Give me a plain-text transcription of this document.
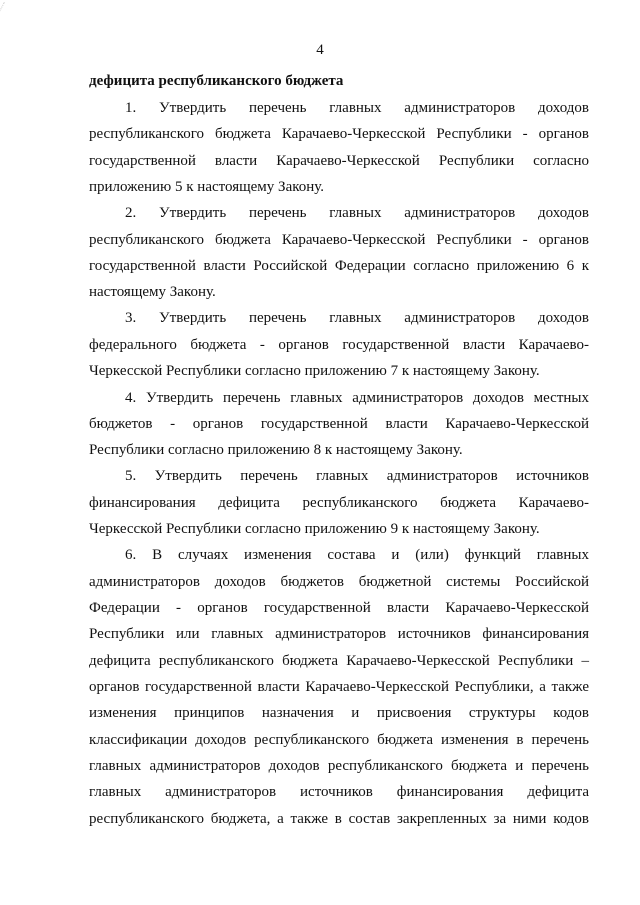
4
дефицита республиканского бюджета
1. Утвердить перечень главных администраторов доходов
республиканского бюджета Карачаево-Черкесской Республики - органов
государственной власти Карачаево-Черкесской Республики согласно
приложению 5 к настоящему Закону.
2. Утвердить перечень главных администраторов доходов
республиканского бюджета Карачаево-Черкесской Республики - органов
государственной власти Российской Федерации согласно приложению 6 к
настоящему Закону.
3. Утвердить перечень главных администраторов доходов
федерального бюджета - органов государственной власти Карачаево-
Черкесской Республики согласно приложению 7 к настоящему Закону.
4. Утвердить перечень главных администраторов доходов местных
бюджетов - органов государственной власти Карачаево-Черкесской
Республики согласно приложению 8 к настоящему Закону.
5. Утвердить перечень главных администраторов источников
финансирования дефицита республиканского бюджета Карачаево-
Черкесской Республики согласно приложению 9 к настоящему Закону.
6. В случаях изменения состава и (или) функций главных
администраторов доходов бюджетов бюджетной системы Российской
Федерации - органов государственной власти Карачаево-Черкесской
Республики или главных администраторов источников финансирования
дефицита республиканского бюджета Карачаево-Черкесской Республики –
органов государственной власти Карачаево-Черкесской Республики, а также
изменения принципов назначения и присвоения структуры кодов
классификации доходов республиканского бюджета изменения в перечень
главных администраторов доходов республиканского бюджета и перечень
главных администраторов источников финансирования дефицита
республиканского бюджета, а также в состав закрепленных за ними кодов
